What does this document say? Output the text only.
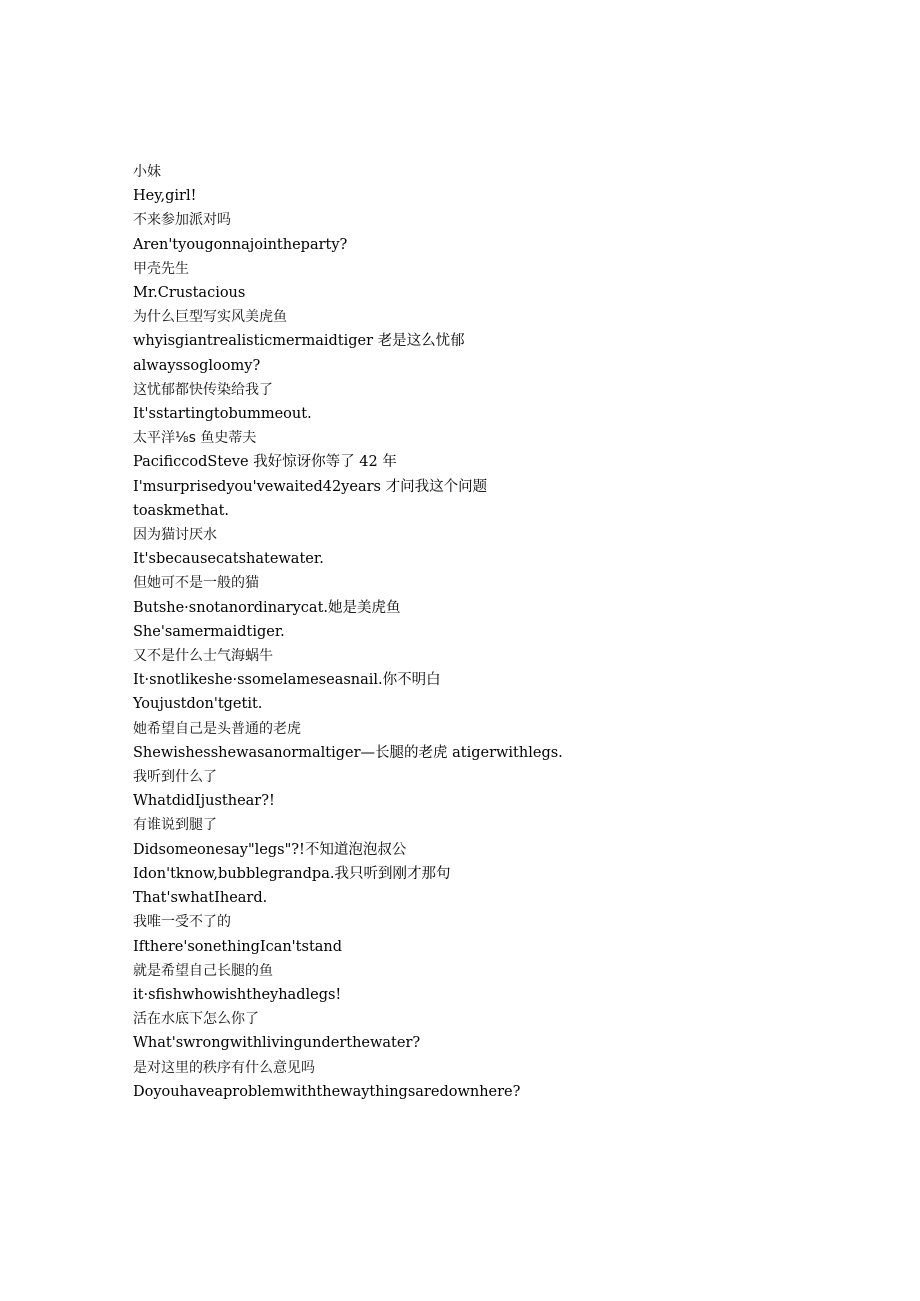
小妹
Hey,girl!
不来参加派对吗
Aren'tyougonnajointheparty?
甲壳先生
Mr.Crustacious
为什么巨型写实风美虎鱼
whyisgiantrealisticmermaidtiger 老是这么忧郁
alwayssogloomy?
这忧郁都快传染给我了
It'sstartingtobummeout.
太平洋⅛s 鱼史蒂夫
PacificcodSteve 我好惊讶你等了 42 年
I'msurprisedyou'vewaited42years 才问我这个问题
toaskmethat.
因为猫讨厌水
It'sbecausecatshatewater.
但她可不是一般的猫
Butshe·snotanordinarycat.她是美虎鱼
She'samermaidtiger.
又不是什么士气海蜗牛
It·snotlikeshe·ssomelameseasnail.你不明白
Youjustdon'tgetit.
她希望自己是头普通的老虎
Shewishesshewasanormaltiger—长腿的老虎 atigerwithlegs.
我听到什么了
WhatdidIjusthear?!
有谁说到腿了
Didsomeonesay"legs"?!不知道泡泡叔公
Idon'tknow,bubblegrandpa.我只听到刚才那句
That'swhatIheard.
我唯一受不了的
Ifthere'sonethingIcan'tstand
就是希望自己长腿的鱼
it·sfishwhowishtheyhadlegs!
活在水底下怎么你了
What'swrongwithlivingunderthewater?
是对这里的秩序有什么意见吗
Doyouhaveaproblemwiththewaythingsaredownhere?
